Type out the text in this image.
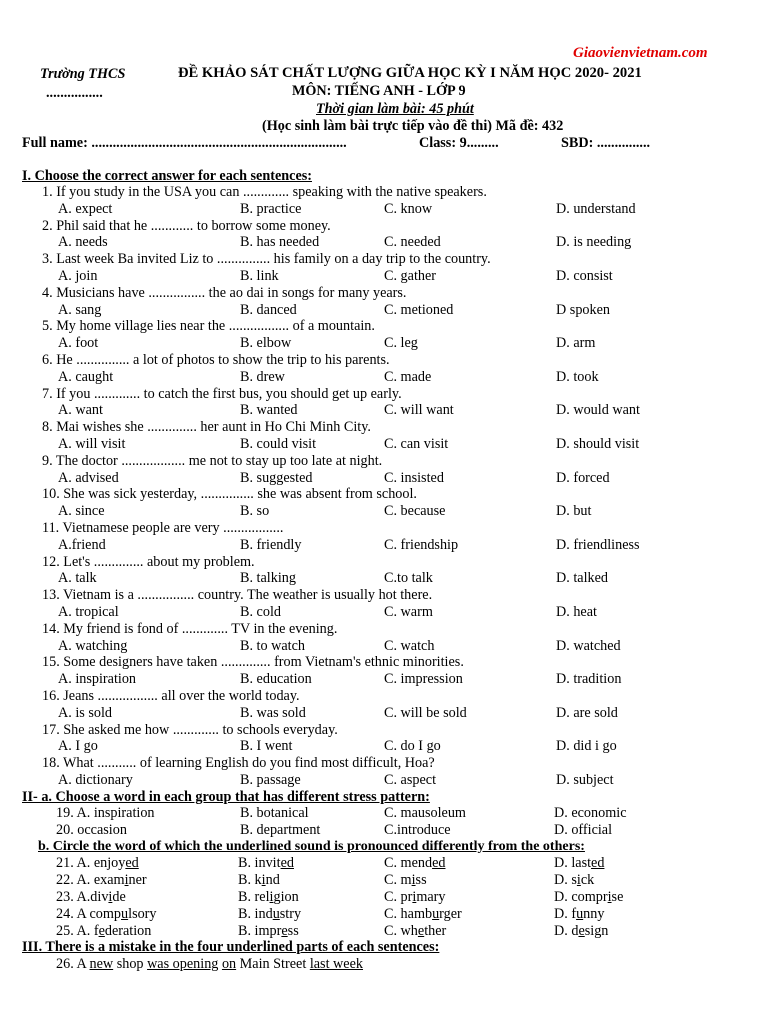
Giaovienvietnam.com
Trường THCS
................
ĐỀ KHẢO SÁT CHẤT LƯỢNG GIỮA HỌC KỲ I NĂM HỌC 2020- 2021
MÔN: TIẾNG ANH - LỚP 9
Thời gian làm bài: 45 phút
(Học sinh làm bài trực tiếp vào đề thi) Mã đề: 432
Full name: ........................................................................	Class: 9.........	SBD: ...............
I. Choose the correct answer for each sentences:
1. If you study in the USA you can ............. speaking with the native speakers.
A. expect	B. practice	C. know	D. understand
2. Phil said that he ............ to borrow some money.
A. needs	B. has needed	C. needed	D. is needing
3. Last week Ba invited Liz to ............... his family on a day trip to the country.
A. join	B. link	C. gather	D. consist
4. Musicians have ................ the ao dai in songs for many years.
A. sang	B. danced	C. metioned	D spoken
5. My home village lies near the ................. of a mountain.
A. foot	B. elbow	C. leg	D. arm
6. He ............... a lot of photos to show the trip to his parents.
A. caught	B. drew	C. made	D. took
7. If you ............. to catch the first bus, you should get up early.
A. want	B. wanted	C. will want	D. would want
8. Mai wishes she .............. her aunt in Ho Chi Minh City.
A. will visit	B. could visit	C. can visit	D. should visit
9. The doctor .................. me not to stay up too late at night.
A. advised	B. suggested	C. insisted	D. forced
10. She was sick yesterday, ............... she was absent from school.
A. since	B. so	C. because	D. but
11. Vietnamese people are very .................
A.friend	B. friendly	C. friendship	D. friendliness
12. Let's .............. about my problem.
A. talk	B. talking	C.to talk	D. talked
13. Vietnam is a ................ country. The weather is usually hot there.
A. tropical	B. cold	C. warm	D. heat
14. My friend is fond of ............. TV in the evening.
A. watching	B. to watch	C. watch	D. watched
15. Some designers have taken .............. from Vietnam's ethnic minorities.
A. inspiration	B. education	C. impression	D. tradition
16. Jeans ................. all over the world today.
A. is sold	B. was sold	C. will be sold	D. are sold
17. She asked me how ............. to schools everyday.
A. I go	B. I went	C. do I go	D. did i go
18. What ........... of learning English do you find most difficult, Hoa?
A. dictionary	B. passage	C. aspect	D. subject
II- a. Choose a word in each group that has different stress pattern:
19. A. inspiration	B. botanical	C. mausoleum	D. economic
20. occasion	B. department	C.introduce	D. official
b. Circle the word of which the underlined sound is pronounced differently from the others:
21. A. enjoyed	B. invited	C. mended	D. lasted
22. A. examiner	B. kind	C. miss	D. sick
23. A.divide	B. religion	C. primary	D. comprise
24. A compulsory	B. industry	C. hamburger	D. funny
25. A. federation	B. impress	C. whether	D. design
III. There is a mistake in the four underlined parts of each sentences:
26. A new shop was opening on Main Street last week
